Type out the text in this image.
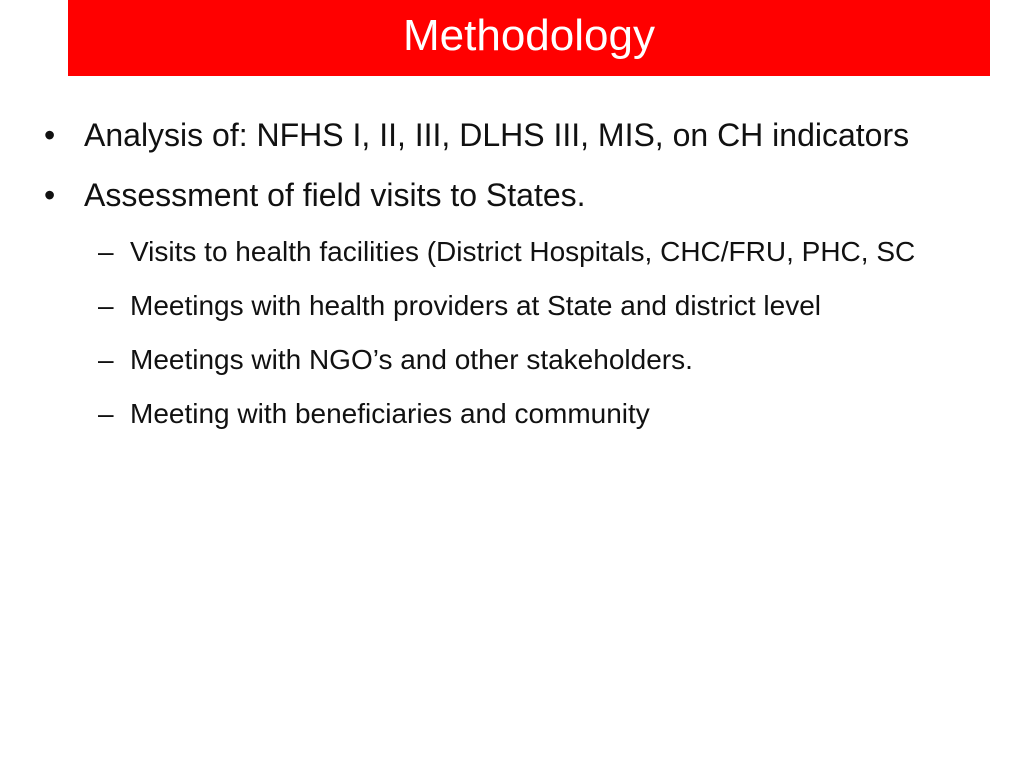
Methodology
• Analysis of: NFHS I, II, III, DLHS III, MIS, on CH indicators
• Assessment of field visits to States.
– Visits to health facilities (District Hospitals, CHC/FRU, PHC, SC
– Meetings with health providers at State and district level
– Meetings with NGO’s and other stakeholders.
– Meeting with beneficiaries and community
